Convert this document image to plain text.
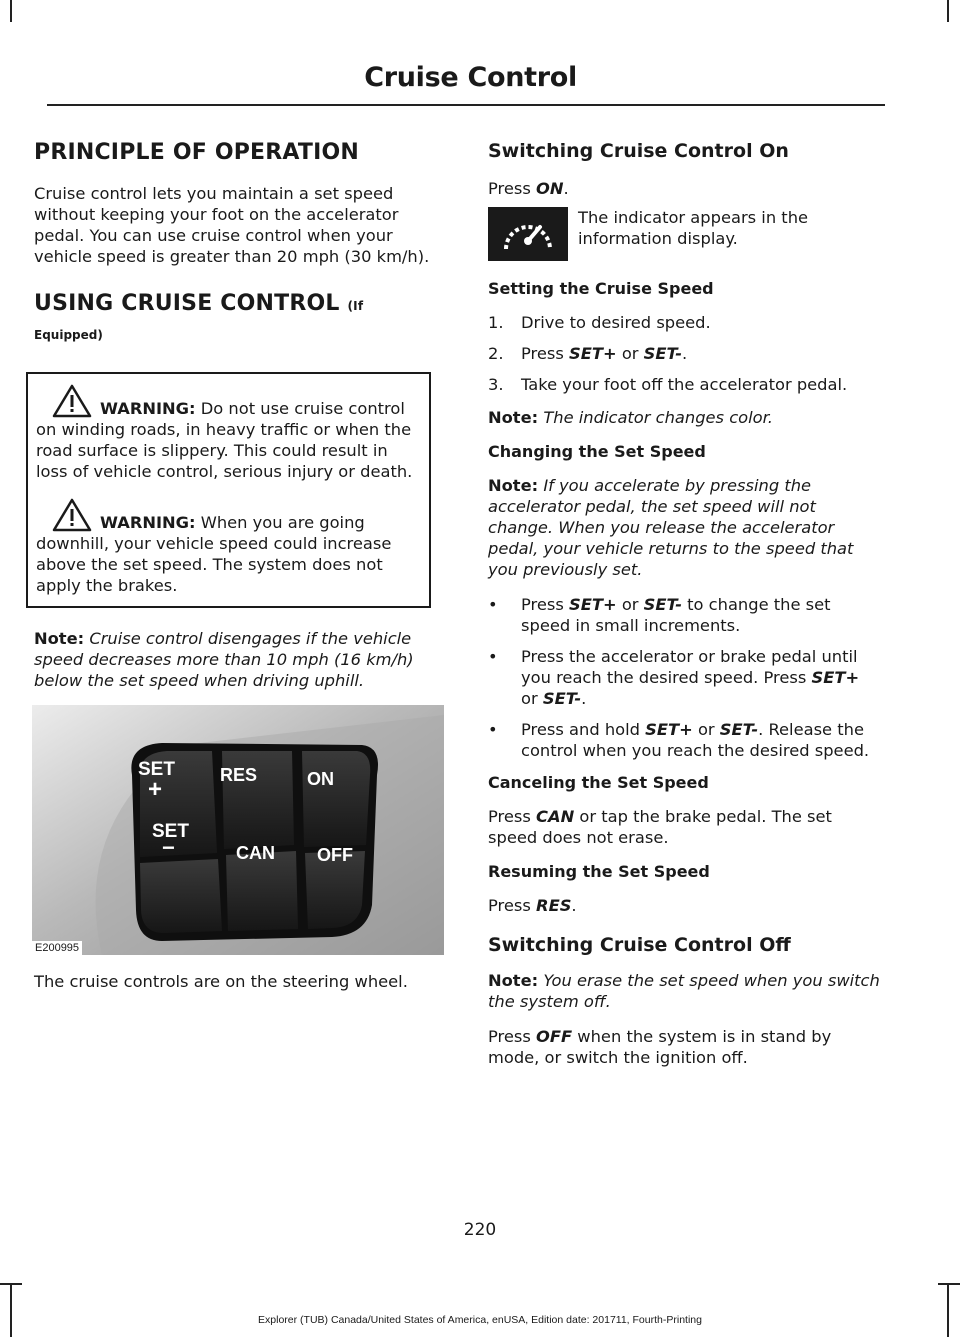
Cruise Control
PRINCIPLE OF OPERATION

Cruise control lets you maintain a set speed without keeping your foot on the accelerator pedal. You can use cruise control when your vehicle speed is greater than 20 mph (30 km/h).

USING CRUISE CONTROL (If
Equipped)

WARNING: Do not use cruise control on winding roads, in heavy traffic or when the road surface is slippery. This could result in loss of vehicle control, serious injury or death.

WARNING: When you are going downhill, your vehicle speed could increase above the set speed. The system does not apply the brakes.

Note: Cruise control disengages if the vehicle speed decreases more than 10 mph (16 km/h) below the set speed when driving uphill.

SET
+
SET
−
RES
CAN
ON
OFF
E200995

The cruise controls are on the steering wheel.

Switching Cruise Control On

Press ON.

The indicator appears in the information display.

Setting the Cruise Speed
1. Drive to desired speed.
2. Press SET+ or SET-.
3. Take your foot off the accelerator pedal.

Note: The indicator changes color.

Changing the Set Speed

Note: If you accelerate by pressing the accelerator pedal, the set speed will not change. When you release the accelerator pedal, your vehicle returns to the speed that you previously set.

• Press SET+ or SET- to change the set speed in small increments.
• Press the accelerator or brake pedal until you reach the desired speed. Press SET+ or SET-.
• Press and hold SET+ or SET-. Release the control when you reach the desired speed.
Canceling the Set Speed

Press CAN or tap the brake pedal. The set speed does not erase.

Resuming the Set Speed

Press RES.

Switching Cruise Control Off

Note: You erase the set speed when you switch the system off.

Press OFF when the system is in stand by mode, or switch the ignition off.

220
Explorer (TUB) Canada/United States of America, enUSA, Edition date: 201711, Fourth-Printing
